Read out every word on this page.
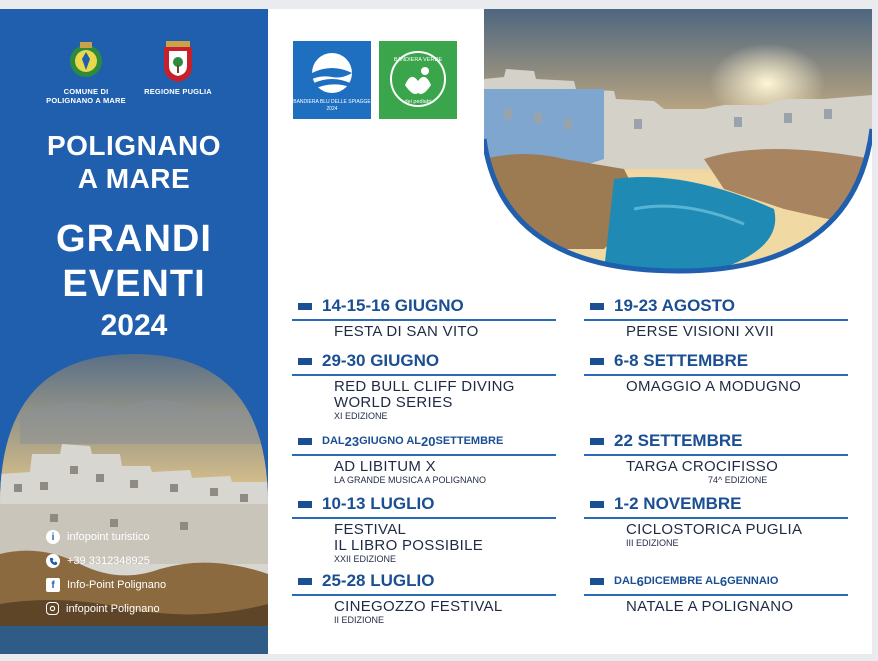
COMUNE DI
POLIGNANO A MARE
REGIONE PUGLIA
POLIGNANO
A MARE
GRANDI
EVENTI
2024
i	infopoint turistico
+39 3312348925
f	Info-Point Polignano
infopoint Polignano
BANDIERA BLU DELLE SPIAGGE
2024
BANDIERA VERDE
dei pediatri
14-15-16 GIUGNO
FESTA DI SAN VITO
29-30 GIUGNO
RED BULL CLIFF DIVING
WORLD SERIES
XI EDIZIONE
DAL 23 GIUGNO AL 20 SETTEMBRE
AD LIBITUM X
LA GRANDE MUSICA A POLIGNANO
10-13 LUGLIO
FESTIVAL
IL LIBRO POSSIBILE
XXII EDIZIONE
25-28 LUGLIO
CINEGOZZO FESTIVAL
II EDIZIONE
19-23 AGOSTO
PERSE VISIONI XVII
6-8 SETTEMBRE
OMAGGIO A MODUGNO
22 SETTEMBRE
TARGA CROCIFISSO
74^ EDIZIONE
1-2 NOVEMBRE
CICLOSTORICA PUGLIA
III EDIZIONE
DAL 6 DICEMBRE AL 6 GENNAIO
NATALE A POLIGNANO
